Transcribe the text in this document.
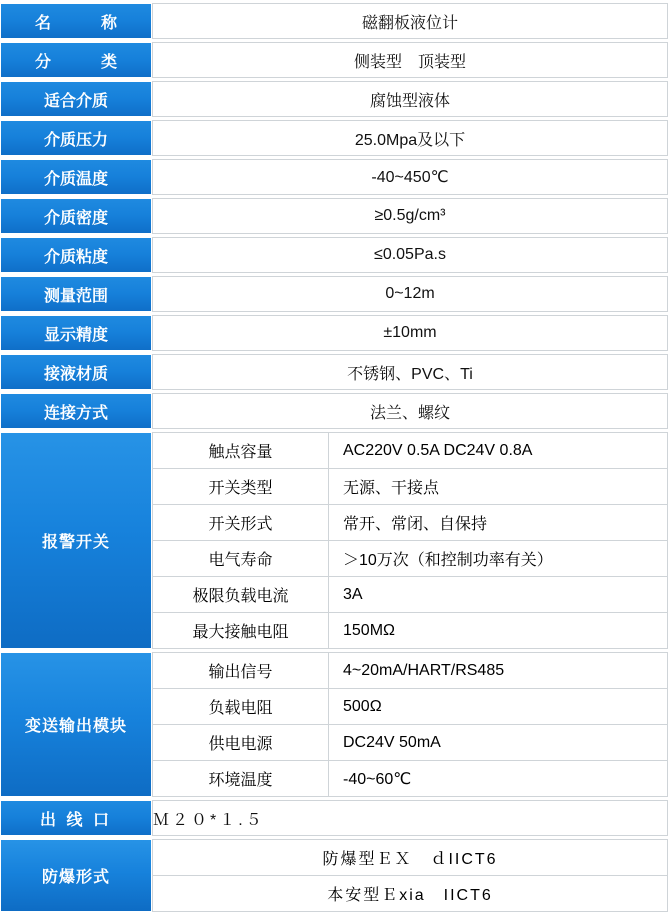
名　　称	磁翻板液位计
分　　类	侧装型　顶装型
适合介质	腐蚀型液体
介质压力	25.0Mpa及以下
介质温度	-40~450℃
介质密度	≥0.5g/cm³
介质粘度	≤0.05Pa.s
测量范围	0~12m
显示精度	±10mm
接液材质	不锈钢、PVC、Ti
连接方式	法兰、螺纹
报警开关	
触点容量	AC220V 0.5A DC24V 0.8A
开关类型	无源、干接点
开关形式	常开、常闭、自保持
电气寿命	＞10万次（和控制功率有关）
极限负载电流	3A
最大接触电阻	150MΩ

变送输出模块	
输出信号	4~20mA/HART/RS485
负载电阻	500Ω
供电电源	DC24V 50mA
环境温度	-40~60℃

出 线 口	Ｍ２０*１.５
防爆形式	
防爆型ＥＸ　ｄIICT6
本安型Ｅxia　IICT6
